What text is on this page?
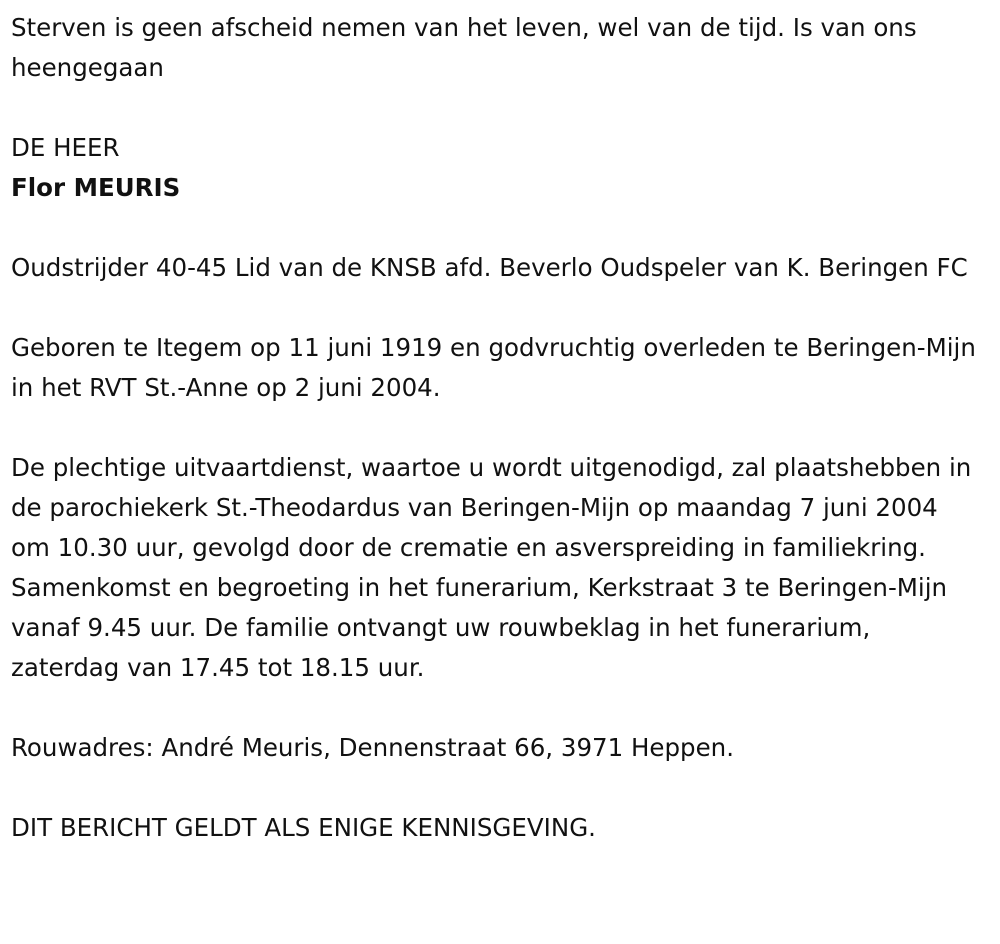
Sterven is geen afscheid nemen van het leven, wel van de tijd. Is van ons heengegaan

DE HEER

Flor MEURIS

Oudstrijder 40-45 Lid van de KNSB afd. Beverlo Oudspeler van K. Beringen FC

Geboren te Itegem op 11 juni 1919 en godvruchtig overleden te Beringen-Mijn in het RVT St.-Anne op 2 juni 2004.

De plechtige uitvaartdienst, waartoe u wordt uitgenodigd, zal plaatshebben in de parochiekerk St.-Theodardus van Beringen-Mijn op maandag 7 juni 2004 om 10.30 uur, gevolgd door de crematie en asverspreiding in familiekring. Samenkomst en begroeting in het funerarium, Kerkstraat 3 te Beringen-Mijn vanaf 9.45 uur. De familie ontvangt uw rouwbeklag in het funerarium, zaterdag van 17.45 tot 18.15 uur.

Rouwadres: André Meuris, Dennenstraat 66, 3971 Heppen.

DIT BERICHT GELDT ALS ENIGE KENNISGEVING.
